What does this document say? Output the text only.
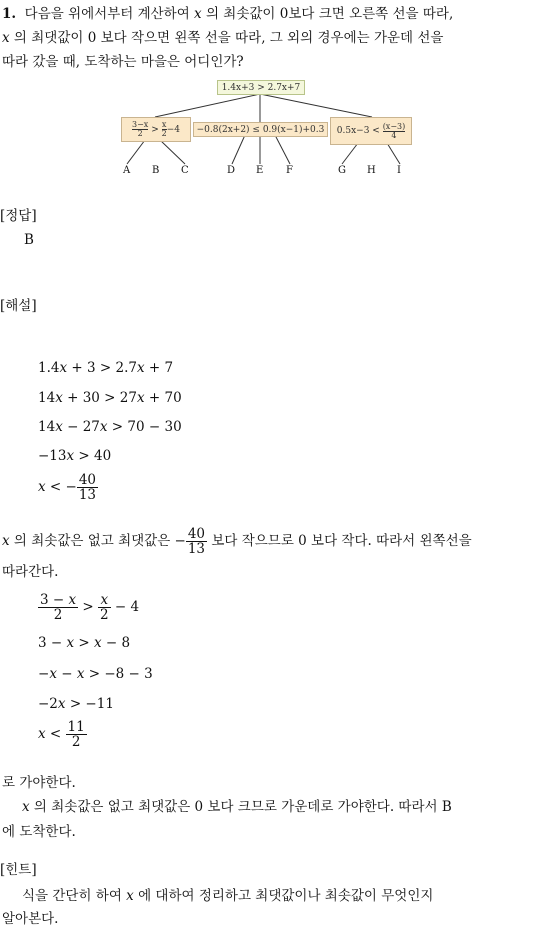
1.  다음을 위에서부터 계산하여 x 의 최솟값이 0보다 크면 오른쪽 선을 따라,
x 의 최댓값이 0 보다 작으면 왼쪽 선을 따라, 그 외의 경우에는 가운데 선을
따라 갔을 때, 도착하는 마을은 어디인가?
1.4x+3 > 2.7x+7
3−x
2 > x
2 −4	−0.8(2x+2) ≤ 0.9(x−1)+0.3	0.5x−3 < (x−3)
4
A B C	D E F	G H I
[정답]
B
[해설]
1.4x + 3 > 2.7x + 7
14x + 30 > 27x + 70
14x − 27x > 70 − 30
−13x > 40
x < − $\frac{40}{13}$
x 의 최솟값은 없고 최댓값은 − $\frac{40}{13}$ 보다 작으므로 0 보다 작다. 따라서 왼쪽선을
따라간다.
$\frac{3 - x}{2} > \frac{x}{2} - 4$
3 − x > x − 8
−x − x > −8 − 3
−2x > −11
$x < \frac{11}{2}$
로 가야한다.
x 의 최솟값은 없고 최댓값은 0 보다 크므로 가운데로 가야한다. 따라서 B
에 도착한다.
[힌트]
식을 간단히 하여 x 에 대하여 정리하고 최댓값이나 최솟값이 무엇인지
알아본다.
